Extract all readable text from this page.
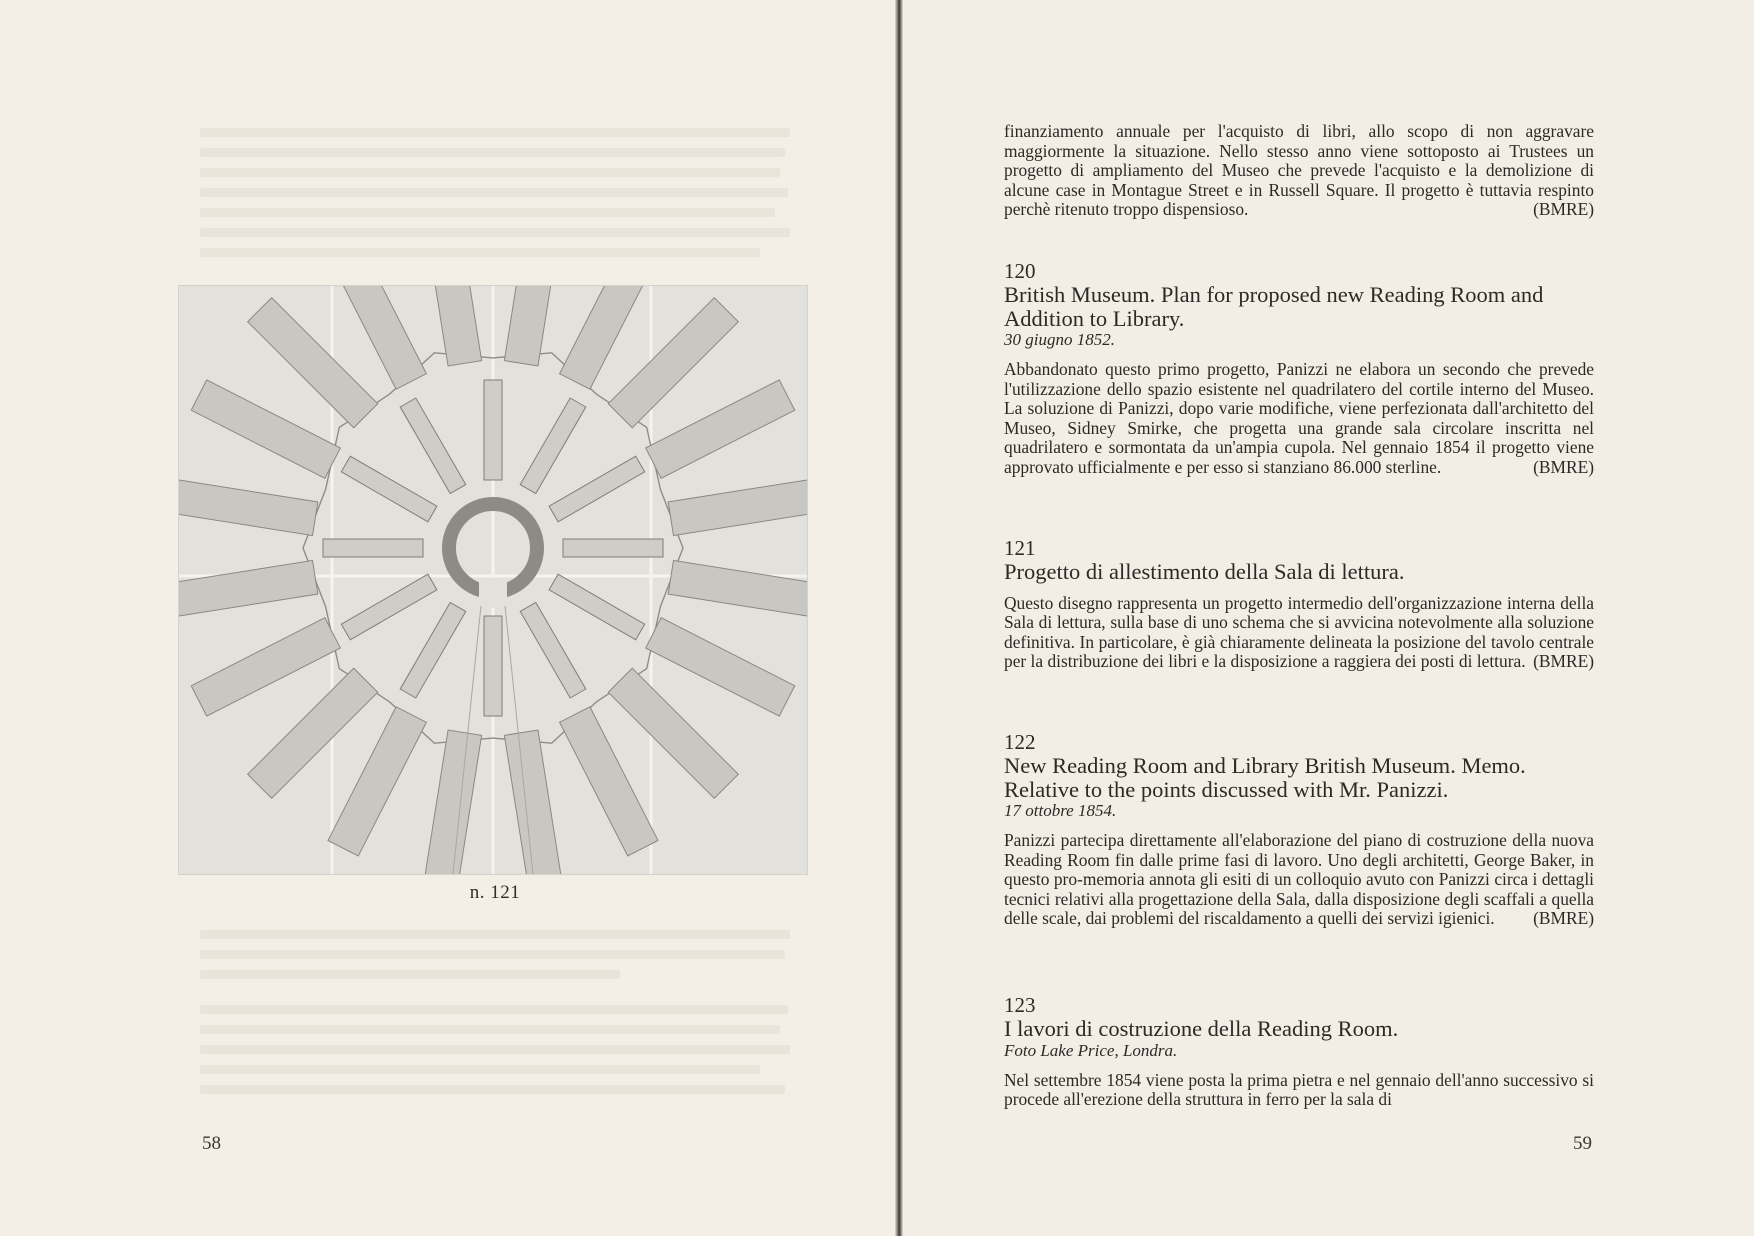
n. 121
58

finanziamento annuale per l'acquisto di libri, allo scopo di non aggravare maggiormente la situazione. Nello stesso anno viene sottoposto ai Trustees un progetto di ampliamento del Museo che prevede l'acquisto e la demolizione di alcune case in Montague Street e in Russell Square. Il progetto è tuttavia respinto perchè ritenuto troppo dispensioso.	(BMRE)

120

British Museum. Plan for proposed new Reading Room and Addition to Library.

30 giugno 1852.

Abbandonato questo primo progetto, Panizzi ne elabora un secondo che prevede l'utilizzazione dello spazio esistente nel quadrilatero del cortile interno del Museo. La soluzione di Panizzi, dopo varie modifiche, viene perfezionata dall'architetto del Museo, Sidney Smirke, che progetta una grande sala circolare inscritta nel quadrilatero e sormontata da un'ampia cupola. Nel gennaio 1854 il progetto viene approvato ufficialmente e per esso si stanziano 86.000 sterline.	(BMRE)

121

Progetto di allestimento della Sala di lettura.

Questo disegno rappresenta un progetto intermedio dell'organizzazione interna della Sala di lettura, sulla base di uno schema che si avvicina notevolmente alla soluzione definitiva. In particolare, è già chiaramente delineata la posizione del tavolo centrale per la distribuzione dei libri e la disposizione a raggiera dei posti di lettura. (BMRE)

122

New Reading Room and Library British Museum. Memo. Relative to the points discussed with Mr. Panizzi.

17 ottobre 1854.

Panizzi partecipa direttamente all'elaborazione del piano di costruzione della nuova Reading Room fin dalle prime fasi di lavoro. Uno degli architetti, George Baker, in questo pro-memoria annota gli esiti di un colloquio avuto con Panizzi circa i dettagli tecnici relativi alla progettazione della Sala, dalla disposizione degli scaffali a quella delle scale, dai problemi del riscaldamento a quelli dei servizi igienici. (BMRE)

123

I lavori di costruzione della Reading Room.

Foto Lake Price, Londra.

Nel settembre 1854 viene posta la prima pietra e nel gennaio dell'anno successivo si procede all'erezione della struttura in ferro per la sala di

59
